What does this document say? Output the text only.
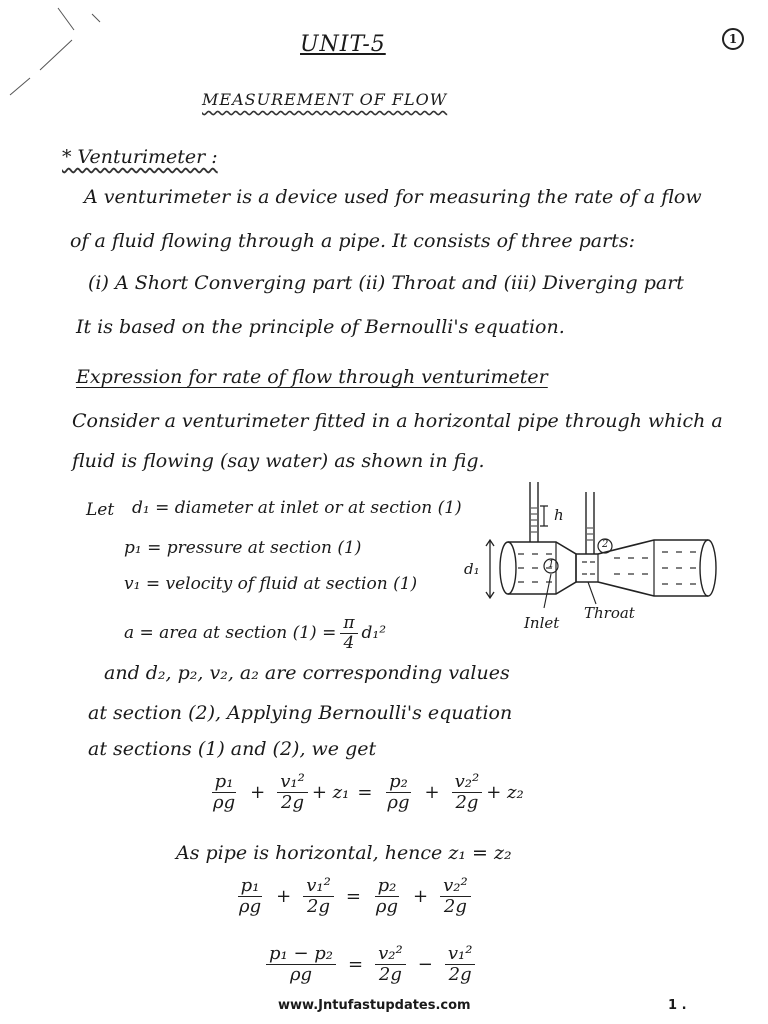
UNIT-5	1
MEASUREMENT OF FLOW
* Venturimeter :
A venturimeter is a device used for measuring the rate of a flow
of a fluid flowing through a pipe. It consists of three parts:
(i) A Short Converging part (ii) Throat and (iii) Diverging part
It is based on the principle of Bernoulli's equation.
Expression for rate of flow through venturimeter
Consider a venturimeter fitted in a horizontal pipe through which a
fluid is flowing (say water) as shown in fig.
Let d₁ = diameter at inlet or at section (1)
p₁ = pressure at section (1)
v₁ = velocity of fluid at section (1)
a = area at section $(1) = \frac{\pi}{4} d_1^2$
h
d₁	1
2
Inlet
Throat
and d₂, p₂, v₂, a₂ are corresponding values
at section (2), Applying Bernoulli's equation
at sections (1) and (2), we get
$\frac{\text{p₁}}{\rho g} + \frac{\text{v₁²}}{2g} + z_1 = \frac{\text{p₂}}{\rho g} + \frac{\text{v₂²}}{2g} + z_2$
As pipe is horizontal, hence z₁ = z₂
$\frac{\text{p₁}}{\rho g} + \frac{\text{v₁²}}{2g} = \frac{\text{p₂}}{\rho g} + \frac{\text{v₂²}}{2g}$
$\frac{\text{p₁ − p₂}}{\rho g} = \frac{\text{v₂²}}{2g} - \frac{\text{v₁²}}{2g}$
www.Jntufastupdates.com	1 .
